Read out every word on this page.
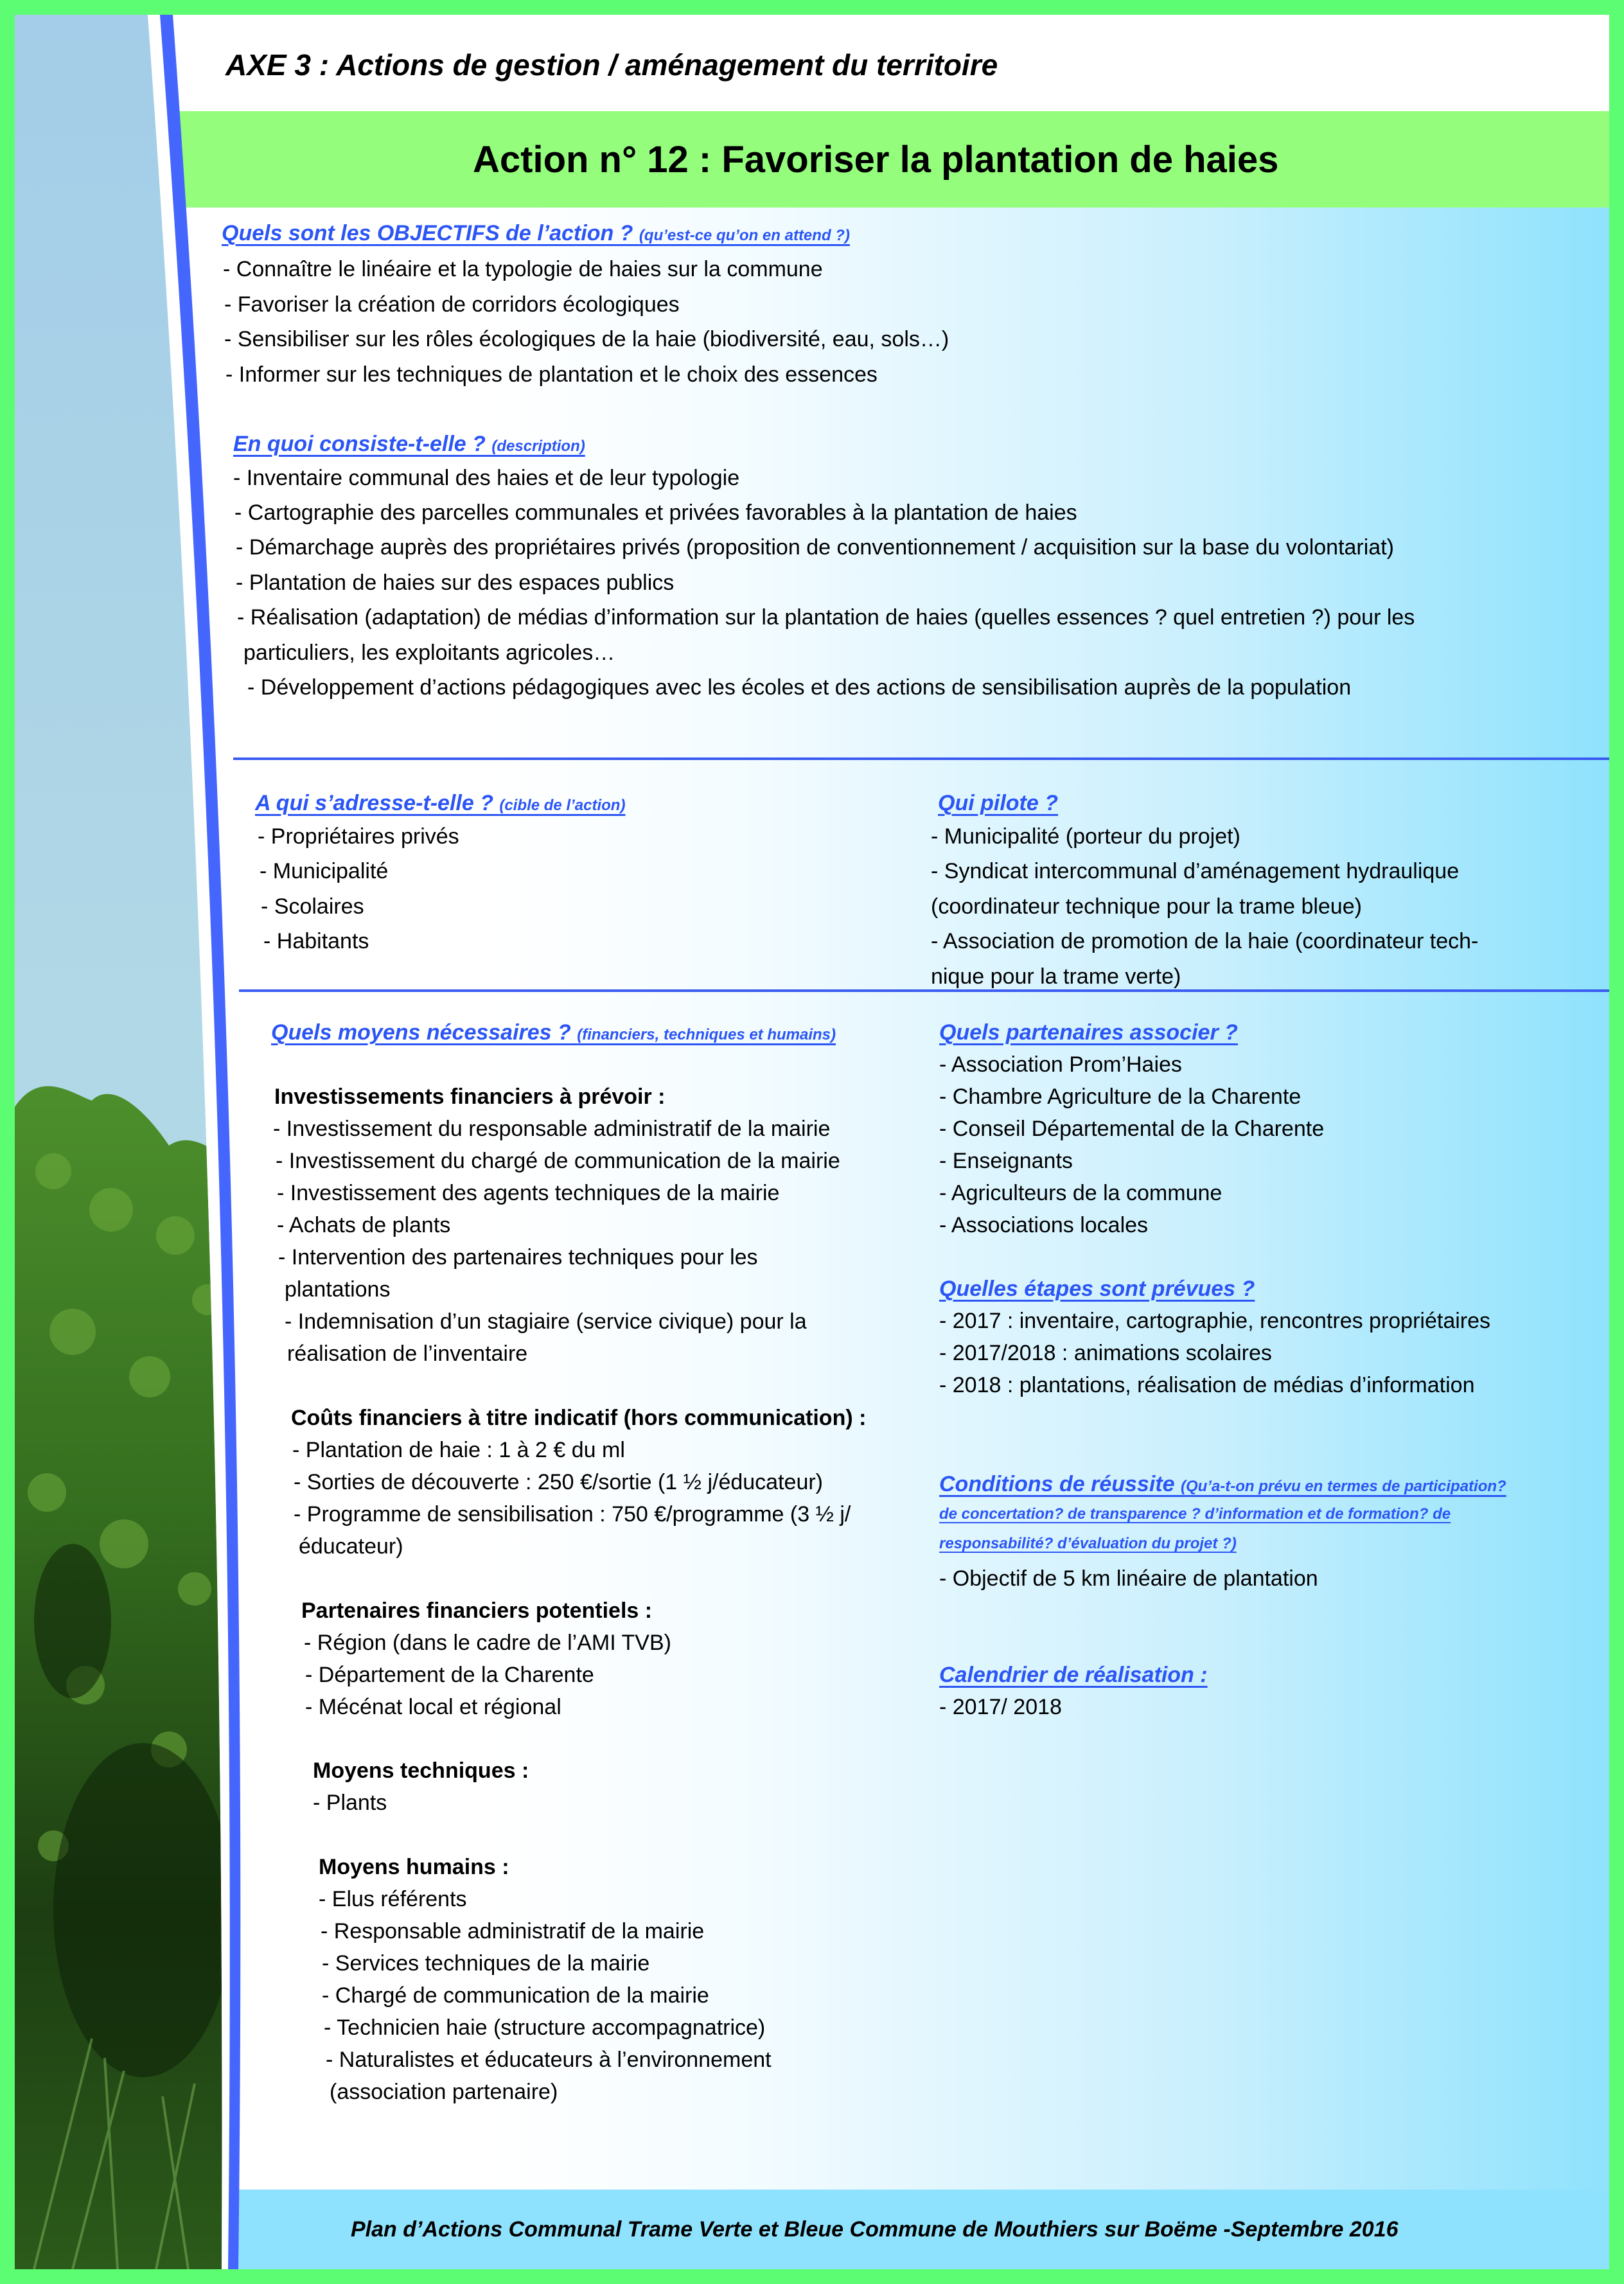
AXE 3 : Actions de gestion / aménagement du territoire
Action n° 12 : Favoriser la plantation de haies
Quels sont les OBJECTIFS de l’action ? (qu’est-ce qu’on en attend ?)
- Connaître le linéaire et la typologie de haies sur la commune
- Favoriser la création de corridors écologiques
- Sensibiliser sur les rôles écologiques de la haie (biodiversité, eau, sols…)
- Informer sur les techniques de plantation et le choix des essences
En quoi consiste-t-elle ? (description)
- Inventaire communal des haies et de leur typologie
- Cartographie des parcelles communales et privées favorables à la plantation de haies
- Démarchage auprès des propriétaires privés (proposition de conventionnement / acquisition sur la base du volontariat)
- Plantation de haies sur des espaces publics
- Réalisation (adaptation) de médias d’information sur la plantation de haies (quelles essences ? quel entretien ?) pour les
particuliers, les exploitants agricoles…
- Développement d’actions pédagogiques avec les écoles et des actions de sensibilisation auprès de la population
A qui s’adresse-t-elle ? (cible de l’action)
- Propriétaires privés
- Municipalité
- Scolaires
- Habitants
Qui pilote ?
- Municipalité (porteur du projet)
- Syndicat intercommunal d’aménagement hydraulique
(coordinateur technique pour la trame bleue)
- Association de promotion de la haie (coordinateur tech-
nique pour la trame verte)
Quels moyens nécessaires ? (financiers, techniques et humains)
Investissements financiers à prévoir :
- Investissement du responsable administratif de la mairie
- Investissement du chargé de communication de la mairie
- Investissement des agents techniques de la mairie
- Achats de plants
- Intervention des partenaires techniques pour les
plantations
- Indemnisation d’un stagiaire (service civique) pour la
réalisation de l’inventaire
Coûts financiers à titre indicatif (hors communication) :
- Plantation de haie : 1 à 2 € du ml
- Sorties de découverte : 250 €/sortie (1 ½ j/éducateur)
- Programme de sensibilisation : 750 €/programme (3 ½ j/
éducateur)
Partenaires financiers potentiels :
- Région (dans le cadre de l’AMI TVB)
- Département de la Charente
- Mécénat local et régional
Moyens techniques :
- Plants
Moyens humains :
- Elus référents
- Responsable administratif de la mairie
- Services techniques de la mairie
- Chargé de communication de la mairie
- Technicien haie (structure accompagnatrice)
- Naturalistes et éducateurs à l’environnement
(association partenaire)
Quels partenaires associer ?
- Association Prom’Haies
- Chambre Agriculture de la Charente
- Conseil Départemental de la Charente
- Enseignants
- Agriculteurs de la commune
- Associations locales
Quelles étapes sont prévues ?
- 2017 : inventaire, cartographie, rencontres propriétaires
- 2017/2018 : animations scolaires
- 2018 : plantations, réalisation de médias d’information
Conditions de réussite (Qu’a-t-on prévu en termes de participation?
de concertation? de transparence ? d’information et de formation? de
responsabilité? d’évaluation du projet ?)
- Objectif de 5 km linéaire de plantation
Calendrier de réalisation :
- 2017/ 2018
Plan d’Actions Communal Trame Verte et Bleue Commune de Mouthiers sur Boëme -Septembre 2016
